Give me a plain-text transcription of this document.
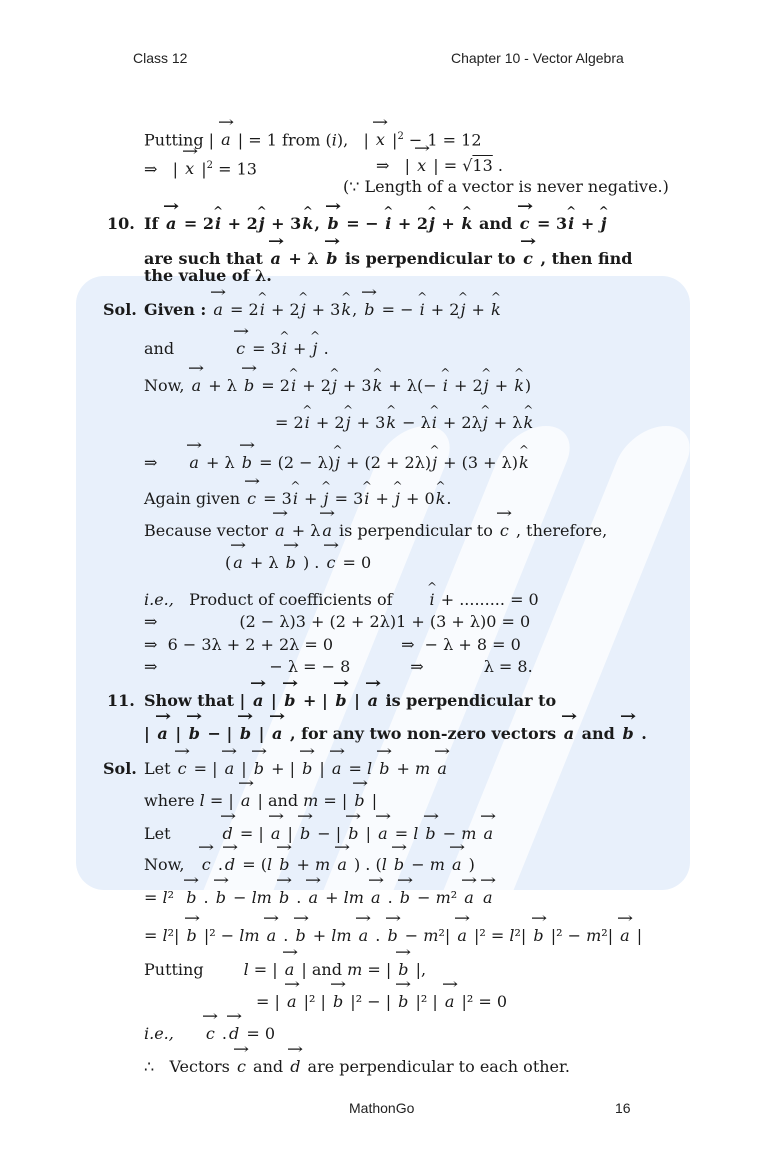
Class 12	Chapter 10 - Vector Algebra
Putting | → a | = 1 from (i),   | → x $|^2 - 1 = 12$
⇒   | → x $|^2 = 13$	⇒   | → x | = √13 .
(∵ Length of a vector is never negative.)
10. If → a = 2^ i + 2^ j + 3^ k, → b = − ^ i + 2^ j + ^ k and → c = 3^ i + ^ j
are such that → a + λ → b is perpendicular to → c , then find
the value of λ.
Sol. Given : → a = 2^ i + 2^ j + 3^ k, → b = − ^ i + 2^ j + ^ k
and	→ c = 3^ i + ^ j .
Now, → a + λ → b = 2^ i + 2^ j + 3^ k + λ(− ^ i + 2^ j + ^ k)
= 2^ i + 2^ j + 3^ k − λ^ i + 2λ^ j + λ^ k
⇒ → a + λ → b = (2 − λ)^ j + (2 + 2λ)^ j + (3 + λ)^ k
Again given → c = 3^ i + ^ j = 3^ i + ^ j + 0^ k.
Because vector → a + λ → a is perpendicular to → c , therefore,
( → a + λ → b ) . → c = 0
i.e.,   Product of coefficients of ^ i + ......... = 0
⇒	(2 − λ)3 + (2 + 2λ)1 + (3 + λ)0 = 0
⇒  6 − 3λ + 2 + 2λ = 0	⇒  − λ + 8 = 0
⇒	− λ = − 8	⇒	λ = 8.
11. Show that | → a | → b + | → b | → a is perpendicular to
| → a | → b − | → b | → a , for any two non-zero vectors → a and → b .
Sol. Let → c = | → a | → b + | → b | → a = l → b + m → a
where l = | → a | and m = | → b |
Let	→ d = | → a | → b − | → b | → a = l → b − m → a
Now,   → c . → d = (l → b + m → a ) . (l → b − m → a )
= l²  → b . → b − lm → b . → a + lm → a . → b − m² → a → a
= l²| → b |² − lm → a . → b + lm → a . → b − m²| → a |² = l²| → b |² − m²| → a |
Putting	l = | → a | and m = | → b |,
= | → a |² | → b |² − | → b |² | → a |² = 0
i.e., → c . → d = 0
∴   Vectors → c and → d are perpendicular to each other.
MathonGo	16
